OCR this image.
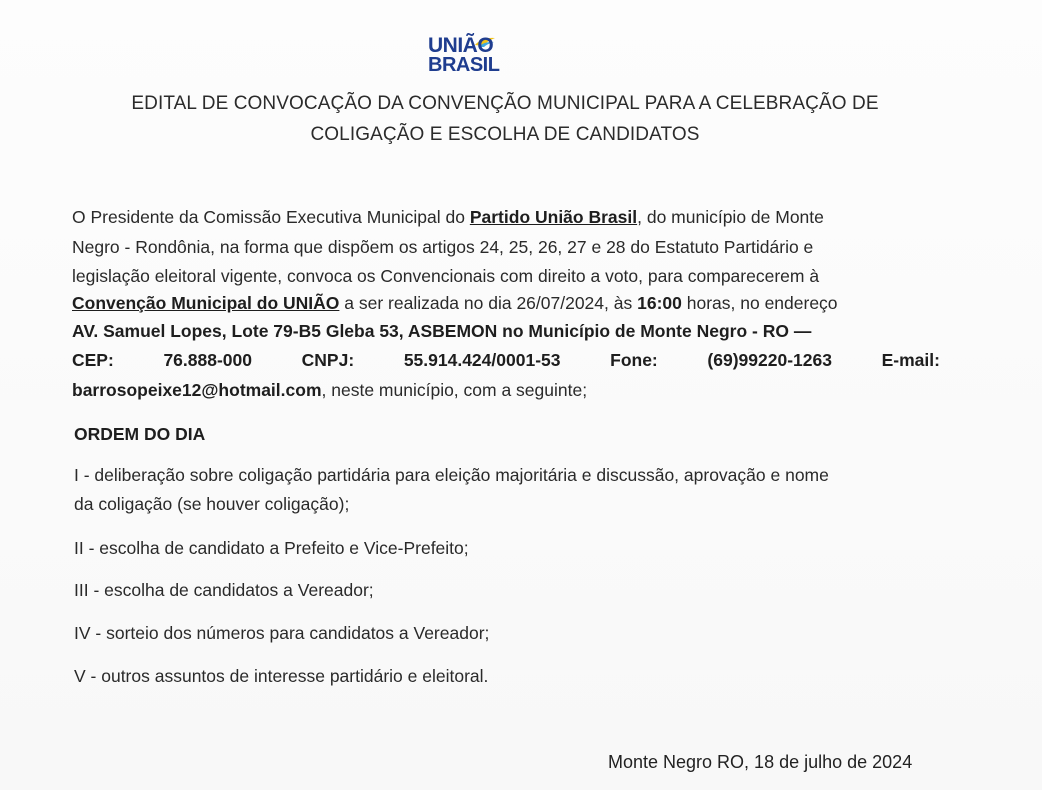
UNIÃO
BRASIL
EDITAL DE CONVOCAÇÃO DA CONVENÇÃO MUNICIPAL PARA A CELEBRAÇÃO DE
COLIGAÇÃO E ESCOLHA DE CANDIDATOS
O Presidente da Comissão Executiva Municipal do Partido União Brasil, do município de Monte
Negro - Rondônia, na forma que dispõem os artigos 24, 25, 26, 27 e 28 do Estatuto Partidário e
legislação eleitoral vigente, convoca os Convencionais com direito a voto, para comparecerem à
Convenção Municipal do UNIÃO a ser realizada no dia 26/07/2024, às 16:00 horas, no endereço
AV. Samuel Lopes, Lote 79-B5 Gleba 53, ASBEMON no Município de Monte Negro - RO —
CEP:	76.888-000	CNPJ:	55.914.424/0001-53	Fone:	(69)99220-1263	E-mail:
barrosopeixe12@hotmail.com, neste município, com a seguinte;
ORDEM DO DIA
I - deliberação sobre coligação partidária para eleição majoritária e discussão, aprovação e nome
da coligação (se houver coligação);
II - escolha de candidato a Prefeito e Vice-Prefeito;
III - escolha de candidatos a Vereador;
IV - sorteio dos números para candidatos a Vereador;
V - outros assuntos de interesse partidário e eleitoral.
Monte Negro RO, 18 de julho de 2024
